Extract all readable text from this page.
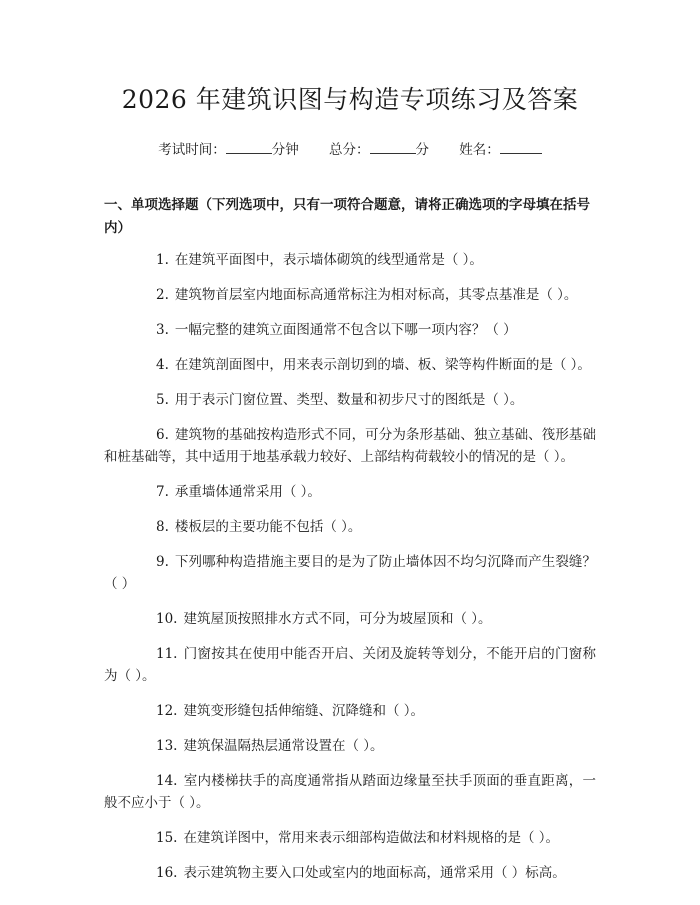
2026 年建筑识图与构造专项练习及答案
考试时间：	分钟 总分：	分 姓名：
一、单项选择题（下列选项中，只有一项符合题意，请将正确选项的字母填在括号内）
1. 在建筑平面图中，表示墙体砌筑的线型通常是（ ）。
2. 建筑物首层室内地面标高通常标注为相对标高，其零点基准是（ ）。
3. 一幅完整的建筑立面图通常不包含以下哪一项内容？（ ）
4. 在建筑剖面图中，用来表示剖切到的墙、板、梁等构件断面的是（ ）。
5. 用于表示门窗位置、类型、数量和初步尺寸的图纸是（ ）。
6. 建筑物的基础按构造形式不同，可分为条形基础、独立基础、筏形基础和桩基础等，其中适用于地基承载力较好、上部结构荷载较小的情况的是（ ）。
7. 承重墙体通常采用（ ）。
8. 楼板层的主要功能不包括（ ）。
9. 下列哪种构造措施主要目的是为了防止墙体因不均匀沉降而产生裂缝？（ ）
10. 建筑屋顶按照排水方式不同，可分为坡屋顶和（ ）。
11. 门窗按其在使用中能否开启、关闭及旋转等划分，不能开启的门窗称为（ ）。
12. 建筑变形缝包括伸缩缝、沉降缝和（ ）。
13. 建筑保温隔热层通常设置在（ ）。
14. 室内楼梯扶手的高度通常指从踏面边缘量至扶手顶面的垂直距离，一般不应小于（ ）。
15. 在建筑详图中，常用来表示细部构造做法和材料规格的是（ ）。
16. 表示建筑物主要入口处或室内的地面标高，通常采用（ ）标高。
